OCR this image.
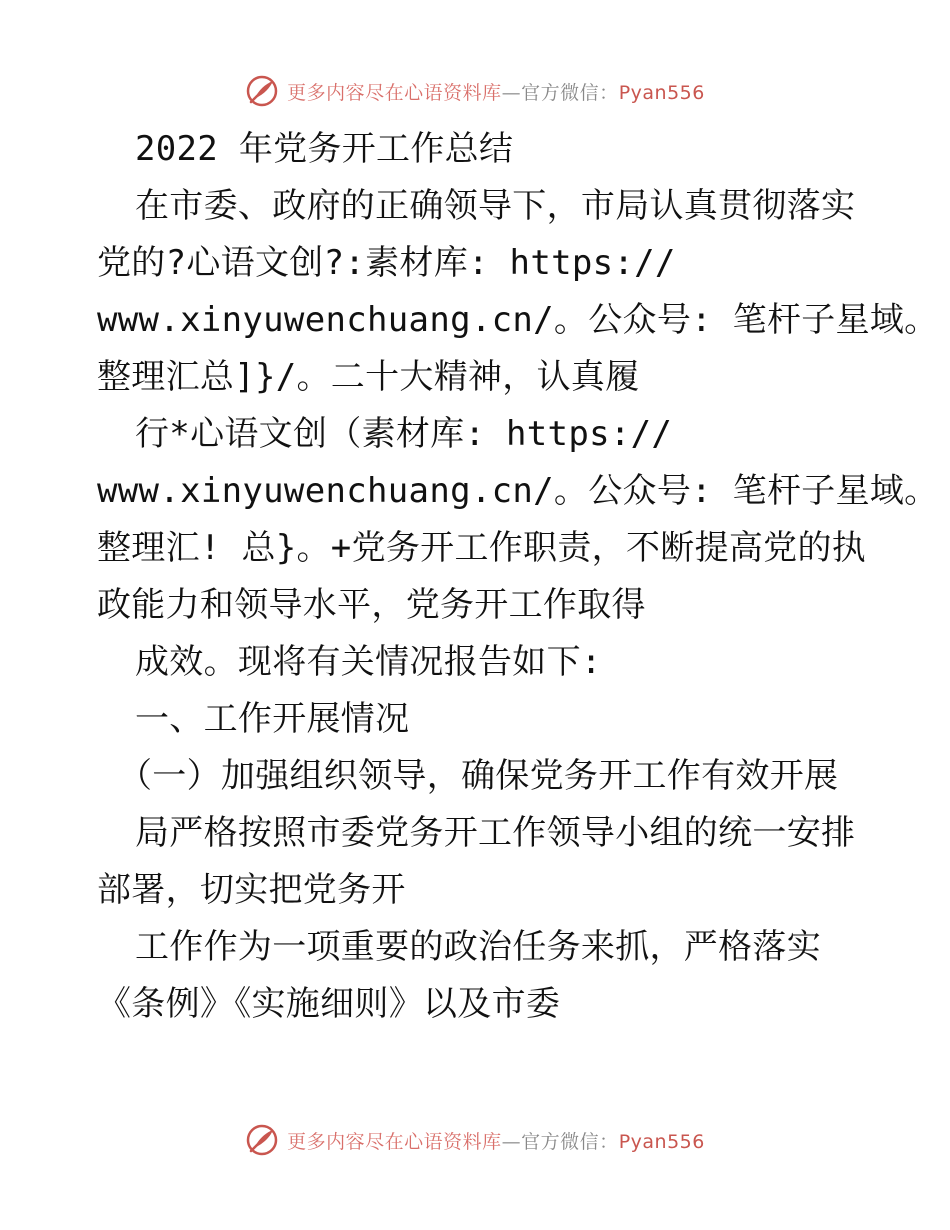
更多内容尽在心语资料库—官方微信：Pyan556
2022 年党务开工作总结
在市委、政府的正确领导下，市局认真贯彻落实
党的?心语文创?:素材库: https://
www.xinyuwenchuang.cn/。公众号: 笔杆子星域。
整理汇总]}/。二十大精神，认真履
行*心语文创（素材库: https://
www.xinyuwenchuang.cn/。公众号: 笔杆子星域。
整理汇! 总}。+党务开工作职责，不断提高党的执
政能力和领导水平，党务开工作取得
成效。现将有关情况报告如下:
一、工作开展情况
（一）加强组织领导，确保党务开工作有效开展
局严格按照市委党务开工作领导小组的统一安排
部署，切实把党务开
工作作为一项重要的政治任务来抓，严格落实
《条例》《实施细则》以及市委
更多内容尽在心语资料库—官方微信：Pyan556
